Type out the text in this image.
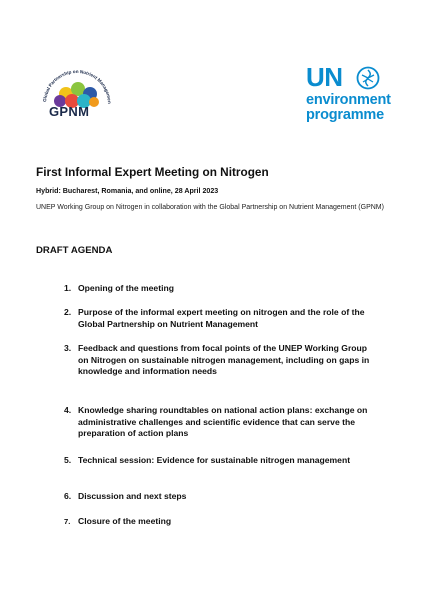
Global Partnership on Nutrient Managemen
GPNM
UN
environment
programme
First Informal Expert Meeting on Nitrogen
Hybrid: Bucharest, Romania, and online, 28 April 2023
UNEP Working Group on Nitrogen in collaboration with the Global Partnership on Nutrient Management (GPNM)
DRAFT AGENDA
1. Opening of the meeting
2. Purpose of the informal expert meeting on nitrogen and the role of the Global Partnership on Nutrient Management
3. Feedback and questions from focal points of the UNEP Working Group on Nitrogen on sustainable nitrogen management, including on gaps in knowledge and information needs
4. Knowledge sharing roundtables on national action plans: exchange on administrative challenges and scientific evidence that can serve the preparation of action plans
5. Technical session: Evidence for sustainable nitrogen management
6. Discussion and next steps
7. Closure of the meeting
